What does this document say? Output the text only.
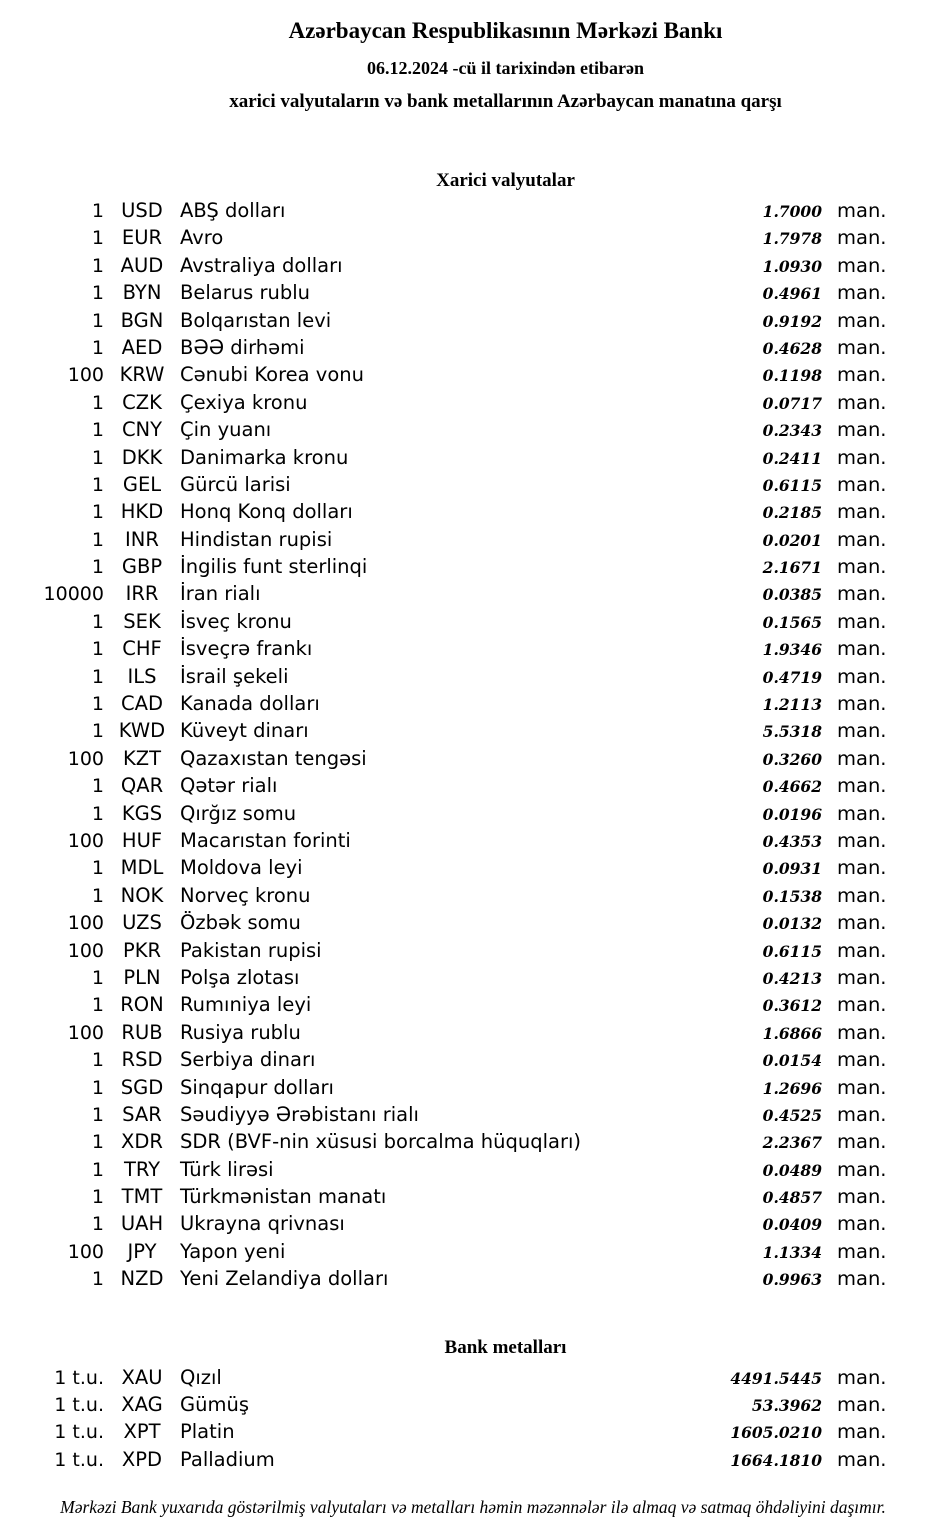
Azərbaycan Respublikasının Mərkəzi Bankı
06.12.2024 -cü il tarixindən etibarən
xarici valyutaların və bank metallarının Azərbaycan manatına qarşı
Xarici valyutalar
1 USD ABŞ dolları	1.7000 man.
1 EUR Avro	1.7978 man.
1 AUD Avstraliya dolları	1.0930 man.
1 BYN Belarus rublu	0.4961 man.
1 BGN Bolqarıstan levi	0.9192 man.
1 AED BƏƏ dirhəmi	0.4628 man.
100 KRW Cənubi Korea vonu	0.1198 man.
1 CZK Çexiya kronu	0.0717 man.
1 CNY Çin yuanı	0.2343 man.
1 DKK Danimarka kronu	0.2411 man.
1 GEL Gürcü larisi	0.6115 man.
1 HKD Honq Konq dolları	0.2185 man.
1	INR	Hindistan rupisi	0.0201 man.
1 GBP İngilis funt sterlinqi	2.1671 man.
10000	IRR	İran rialı	0.0385 man.
1 SEK İsveç kronu	0.1565 man.
1 CHF İsveçrə frankı	1.9346 man.
1	ILS	İsrail şekeli	0.4719 man.
1 CAD Kanada dolları	1.2113 man.
1 KWD Küveyt dinarı	5.5318 man.
100 KZT Qazaxıstan tengəsi	0.3260 man.
1 QAR Qətər rialı	0.4662 man.
1 KGS Qırğız somu	0.0196 man.
100 HUF Macarıstan forinti	0.4353 man.
1 MDL Moldova leyi	0.0931 man.
1 NOK Norveç kronu	0.1538 man.
100 UZS Özbək somu	0.0132 man.
100 PKR Pakistan rupisi	0.6115 man.
1 PLN Polşa zlotası	0.4213 man.
1 RON Rumıniya leyi	0.3612 man.
100 RUB Rusiya rublu	1.6866 man.
1 RSD Serbiya dinarı	0.0154 man.
1 SGD Sinqapur dolları	1.2696 man.
1 SAR Səudiyyə Ərəbistanı rialı	0.4525 man.
1 XDR SDR (BVF-nin xüsusi borcalma hüquqları)	2.2367 man.
1	TRY	Türk lirəsi	0.0489 man.
1 TMT Türkmənistan manatı	0.4857 man.
1 UAH Ukrayna qrivnası	0.0409 man.
100	JPY	Yapon yeni	1.1334 man.
1 NZD Yeni Zelandiya dolları	0.9963 man.
Bank metalları
1 t.u. XAU Qızıl	4491.5445 man.
1 t.u. XAG Gümüş	53.3962 man.
1 t.u. XPT Platin	1605.0210 man.
1 t.u. XPD Palladium	1664.1810 man.
Mərkəzi Bank yuxarıda göstərilmiş valyutaları və metalları həmin məzənnələr ilə almaq və satmaq öhdəliyini daşımır.
